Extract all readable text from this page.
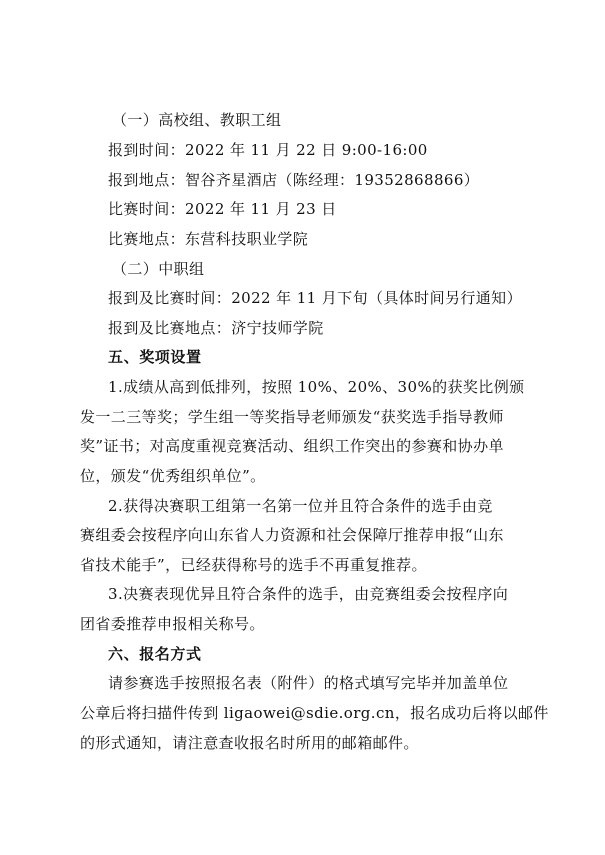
（一）高校组、教职工组
报到时间：2022 年 11 月 22 日 9:00-16:00
报到地点：智谷齐星酒店（陈经理：19352868866）
比赛时间：2022 年 11 月 23 日
比赛地点：东营科技职业学院
（二）中职组
报到及比赛时间：2022 年 11 月下旬（具体时间另行通知）
报到及比赛地点：济宁技师学院
五、奖项设置
1.成绩从高到低排列，按照 10%、20%、30%的获奖比例颁
发一二三等奖；学生组一等奖指导老师颁发“获奖选手指导教师
奖”证书；对高度重视竞赛活动、组织工作突出的参赛和协办单
位，颁发“优秀组织单位”。
2.获得决赛职工组第一名第一位并且符合条件的选手由竞
赛组委会按程序向山东省人力资源和社会保障厅推荐申报“山东
省技术能手”，已经获得称号的选手不再重复推荐。
3.决赛表现优异且符合条件的选手，由竞赛组委会按程序向
团省委推荐申报相关称号。
六、报名方式
请参赛选手按照报名表（附件）的格式填写完毕并加盖单位
公章后将扫描件传到 ligaowei@sdie.org.cn，报名成功后将以邮件
的形式通知，请注意查收报名时所用的邮箱邮件。
